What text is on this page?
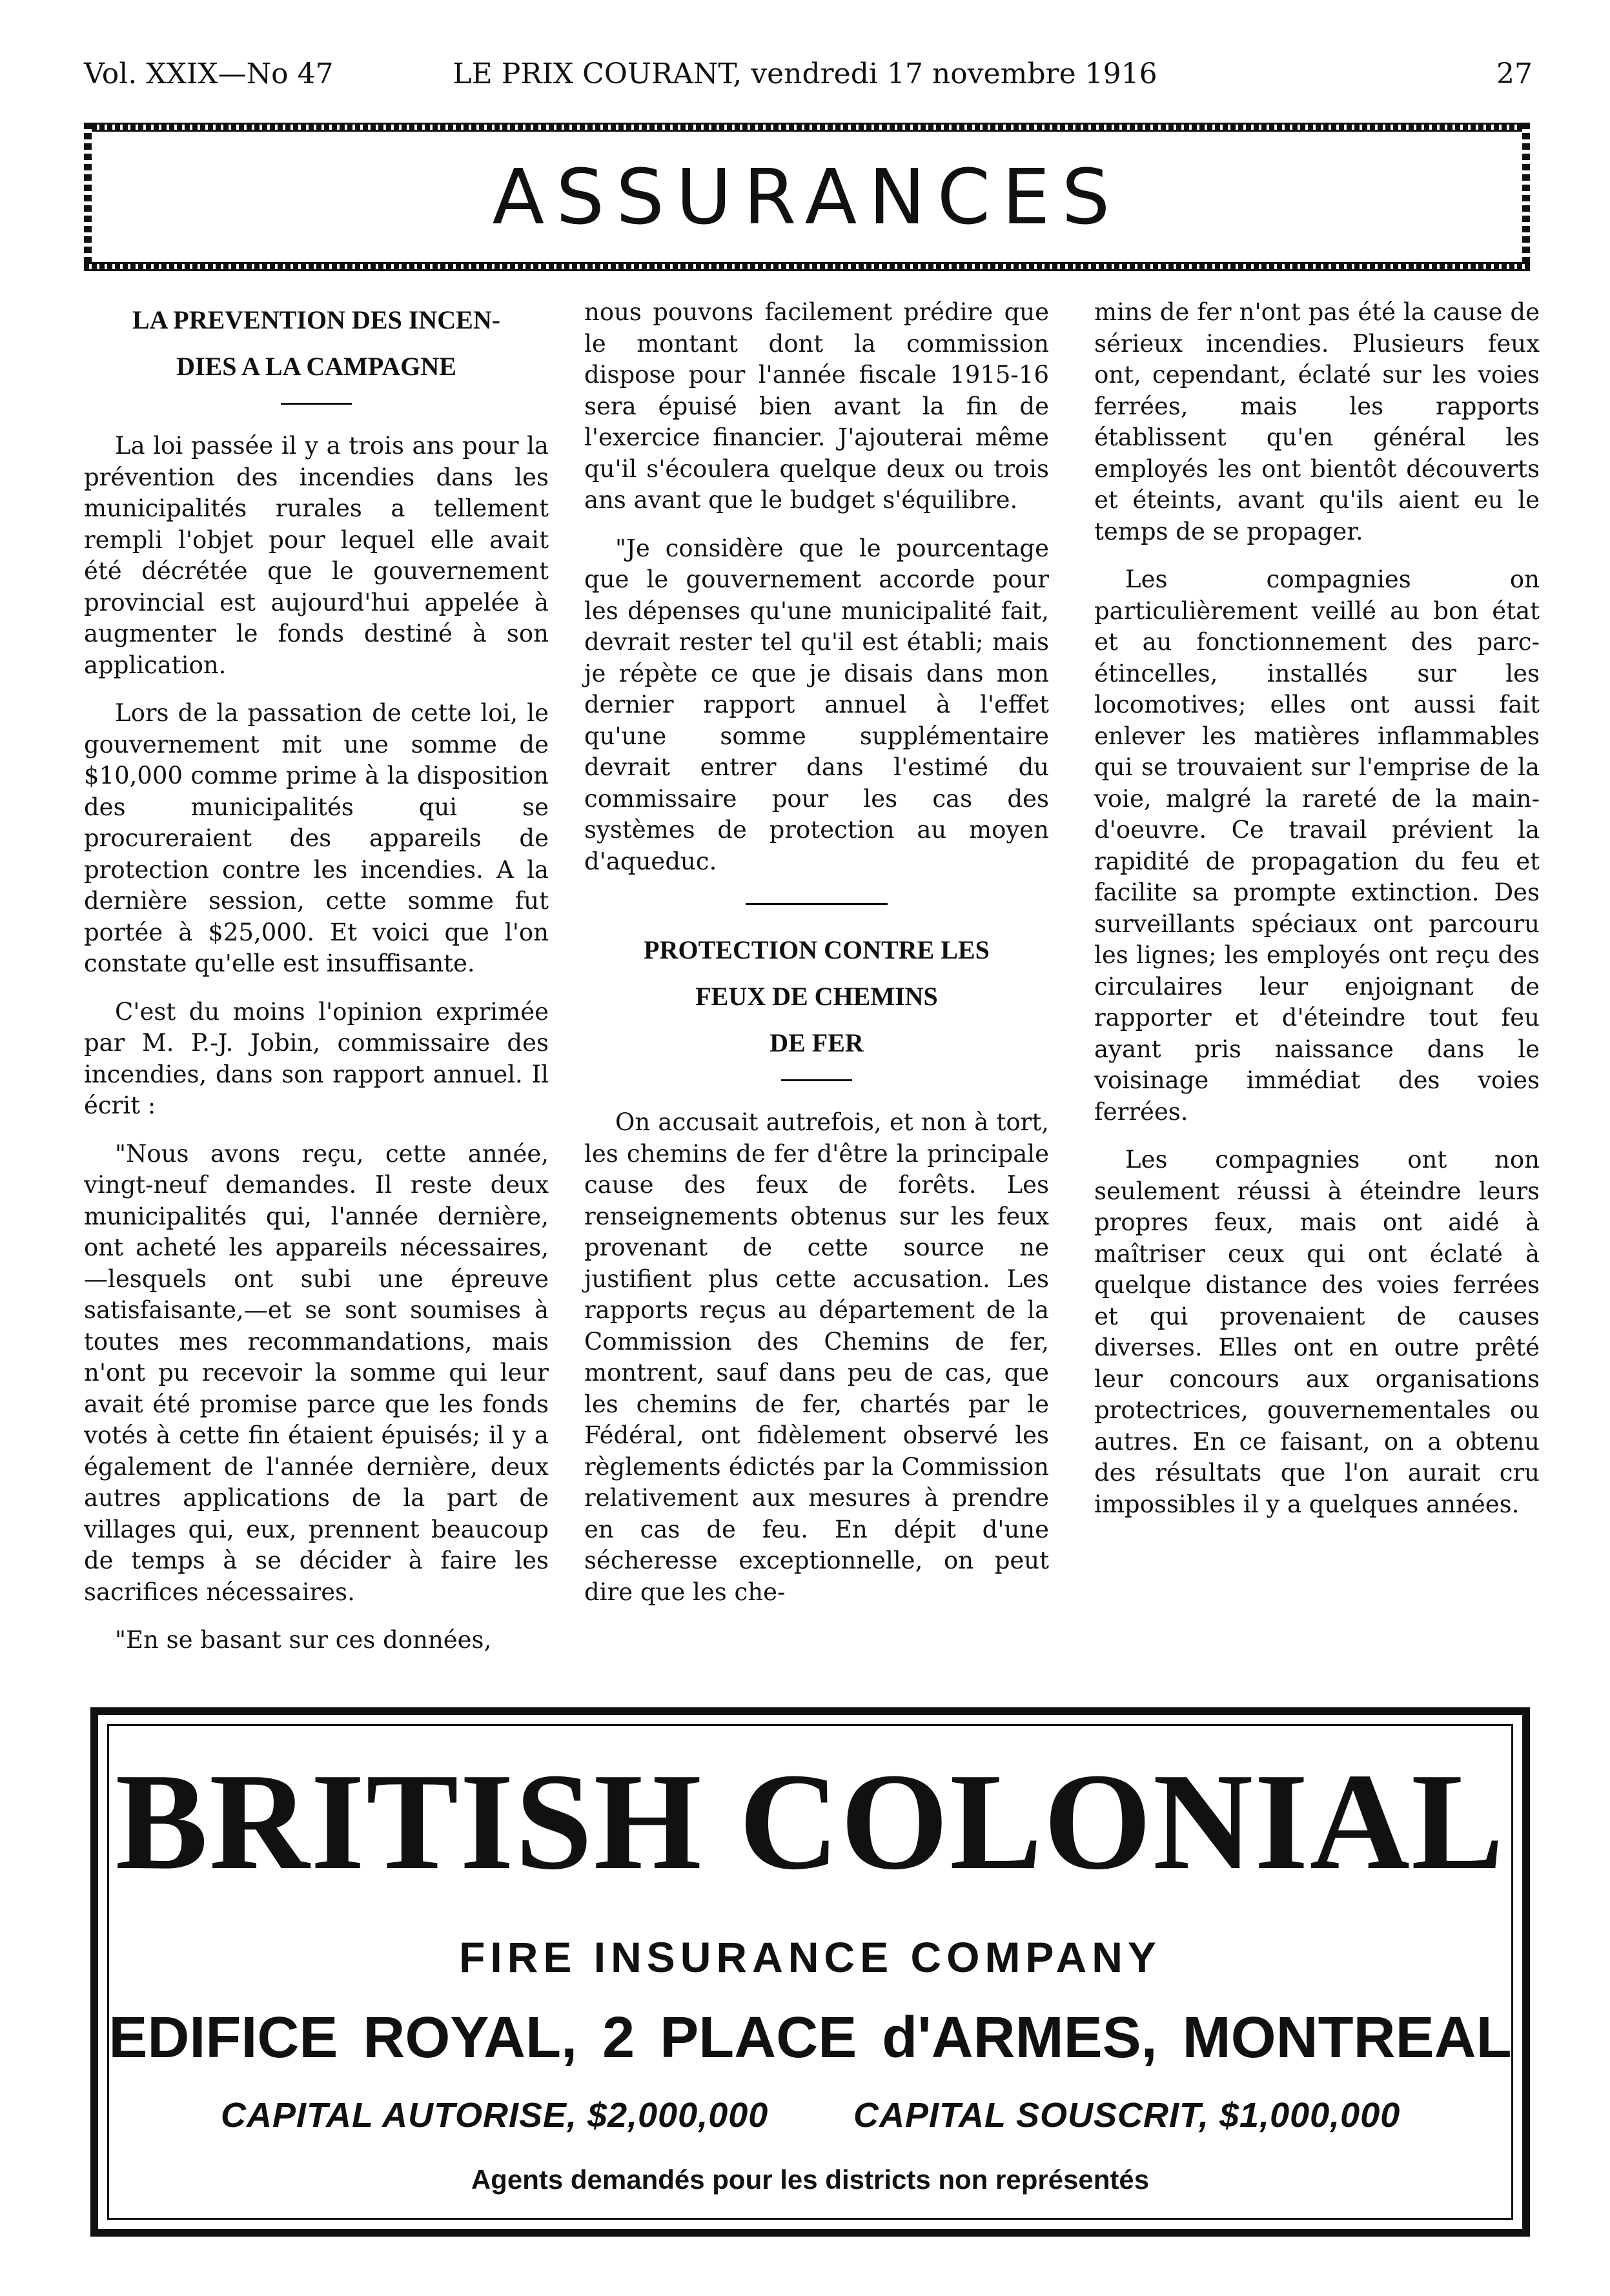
Vol. XXIX—No 47	LE PRIX COURANT, vendredi 17 novembre 1916	27
ASSURANCES
LA PREVENTION DES INCEN-
DIES A LA CAMPAGNE

La loi passée il y a trois ans pour la prévention des incendies dans les municipalités rurales a tellement rempli l'objet pour lequel elle avait été décrétée que le gouvernement provincial est aujourd'hui appelée à augmenter le fonds destiné à son application.

Lors de la passation de cette loi, le gouvernement mit une somme de $10,000 comme prime à la disposition des municipalités qui se procureraient des appareils de protection contre les incendies. A la dernière session, cette somme fut portée à $25,000. Et voici que l'on constate qu'elle est insuffisante.

C'est du moins l'opinion exprimée par M. P.-J. Jobin, commissaire des incendies, dans son rapport annuel. Il écrit :

"Nous avons reçu, cette année, vingt-neuf demandes. Il reste deux municipalités qui, l'année dernière, ont acheté les appareils nécessaires,—lesquels ont subi une épreuve satisfaisante,—et se sont soumises à toutes mes recommandations, mais n'ont pu recevoir la somme qui leur avait été promise parce que les fonds votés à cette fin étaient épuisés; il y a également de l'année dernière, deux autres applications de la part de villages qui, eux, prennent beaucoup de temps à se décider à faire les sacrifices nécessaires.

"En se basant sur ces données,

nous pouvons facilement prédire que le montant dont la commission dispose pour l'année fiscale 1915-16 sera épuisé bien avant la fin de l'exercice financier. J'ajouterai même qu'il s'écoulera quelque deux ou trois ans avant que le budget s'équilibre.

"Je considère que le pourcentage que le gouvernement accorde pour les dépenses qu'une municipalité fait, devrait rester tel qu'il est établi; mais je répète ce que je disais dans mon dernier rapport annuel à l'effet qu'une somme supplémentaire devrait entrer dans l'estimé du commissaire pour les cas des systèmes de protection au moyen d'aqueduc.

PROTECTION CONTRE LES
FEUX DE CHEMINS
DE FER

On accusait autrefois, et non à tort, les chemins de fer d'être la principale cause des feux de forêts. Les renseignements obtenus sur les feux provenant de cette source ne justifient plus cette accusation. Les rapports reçus au département de la Commission des Chemins de fer, montrent, sauf dans peu de cas, que les chemins de fer, chartés par le Fédéral, ont fidèlement observé les règlements édictés par la Commission relativement aux mesures à prendre en cas de feu. En dépit d'une sécheresse exceptionnelle, on peut dire que les che-

mins de fer n'ont pas été la cause de sérieux incendies. Plusieurs feux ont, cependant, éclaté sur les voies ferrées, mais les rapports établissent qu'en général les employés les ont bientôt découverts et éteints, avant qu'ils aient eu le temps de se propager.

Les compagnies on particulièrement veillé au bon état et au fonctionnement des parc-étincelles, installés sur les locomotives; elles ont aussi fait enlever les matières inflammables qui se trouvaient sur l'emprise de la voie, malgré la rareté de la main-d'oeuvre. Ce travail prévient la rapidité de propagation du feu et facilite sa prompte extinction. Des surveillants spéciaux ont parcouru les lignes; les employés ont reçu des circulaires leur enjoignant de rapporter et d'éteindre tout feu ayant pris naissance dans le voisinage immédiat des voies ferrées.

Les compagnies ont non seulement réussi à éteindre leurs propres feux, mais ont aidé à maîtriser ceux qui ont éclaté à quelque distance des voies ferrées et qui provenaient de causes diverses. Elles ont en outre prêté leur concours aux organisations protectrices, gouvernementales ou autres. En ce faisant, on a obtenu des résultats que l'on aurait cru impossibles il y a quelques années.

BRITISH COLONIAL
FIRE INSURANCE COMPANY
EDIFICE ROYAL, 2 PLACE d'ARMES, MONTREAL
CAPITAL AUTORISE, $2,000,000 CAPITAL SOUSCRIT, $1,000,000
Agents demandés pour les districts non représentés
